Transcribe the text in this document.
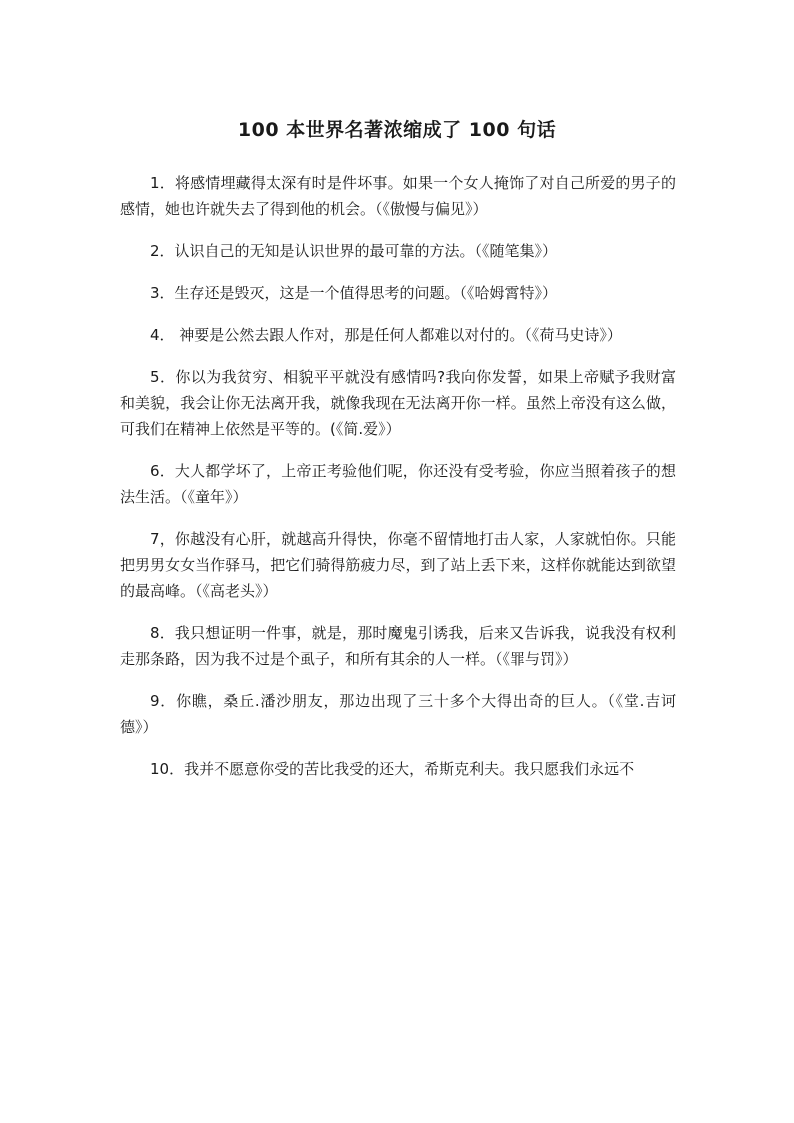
100 本世界名著浓缩成了 100 句话

1．将感情埋藏得太深有时是件坏事。如果一个女人掩饰了对自己所爱的男子的感情，她也许就失去了得到他的机会。（《傲慢与偏见》）

2．认识自己的无知是认识世界的最可靠的方法。（《随笔集》）

3．生存还是毁灭，这是一个值得思考的问题。（《哈姆霄特》）

4． 神要是公然去跟人作对，那是任何人都难以对付的。（《荷马史诗》）

5．你以为我贫穷、相貌平平就没有感情吗?我向你发誓，如果上帝赋予我财富和美貌，我会让你无法离开我，就像我现在无法离开你一样。虽然上帝没有这么做，可我们在精神上依然是平等的。(《简.爱》）

6．大人都学坏了，上帝正考验他们呢，你还没有受考验，你应当照着孩子的想法生活。（《童年》）

7，你越没有心肝，就越高升得快，你毫不留情地打击人家，人家就怕你。只能把男男女女当作驿马，把它们骑得筋疲力尽，到了站上丢下来，这样你就能达到欲望的最高峰。（《高老头》）

8．我只想证明一件事，就是，那时魔鬼引诱我，后来又告诉我，说我没有权利走那条路，因为我不过是个虱子，和所有其余的人一样。（《罪与罚》）

9．你瞧，桑丘.潘沙朋友，那边出现了三十多个大得出奇的巨人。（《堂.吉诃德》）

10．我并不愿意你受的苦比我受的还大，希斯克利夫。我只愿我们永远不
